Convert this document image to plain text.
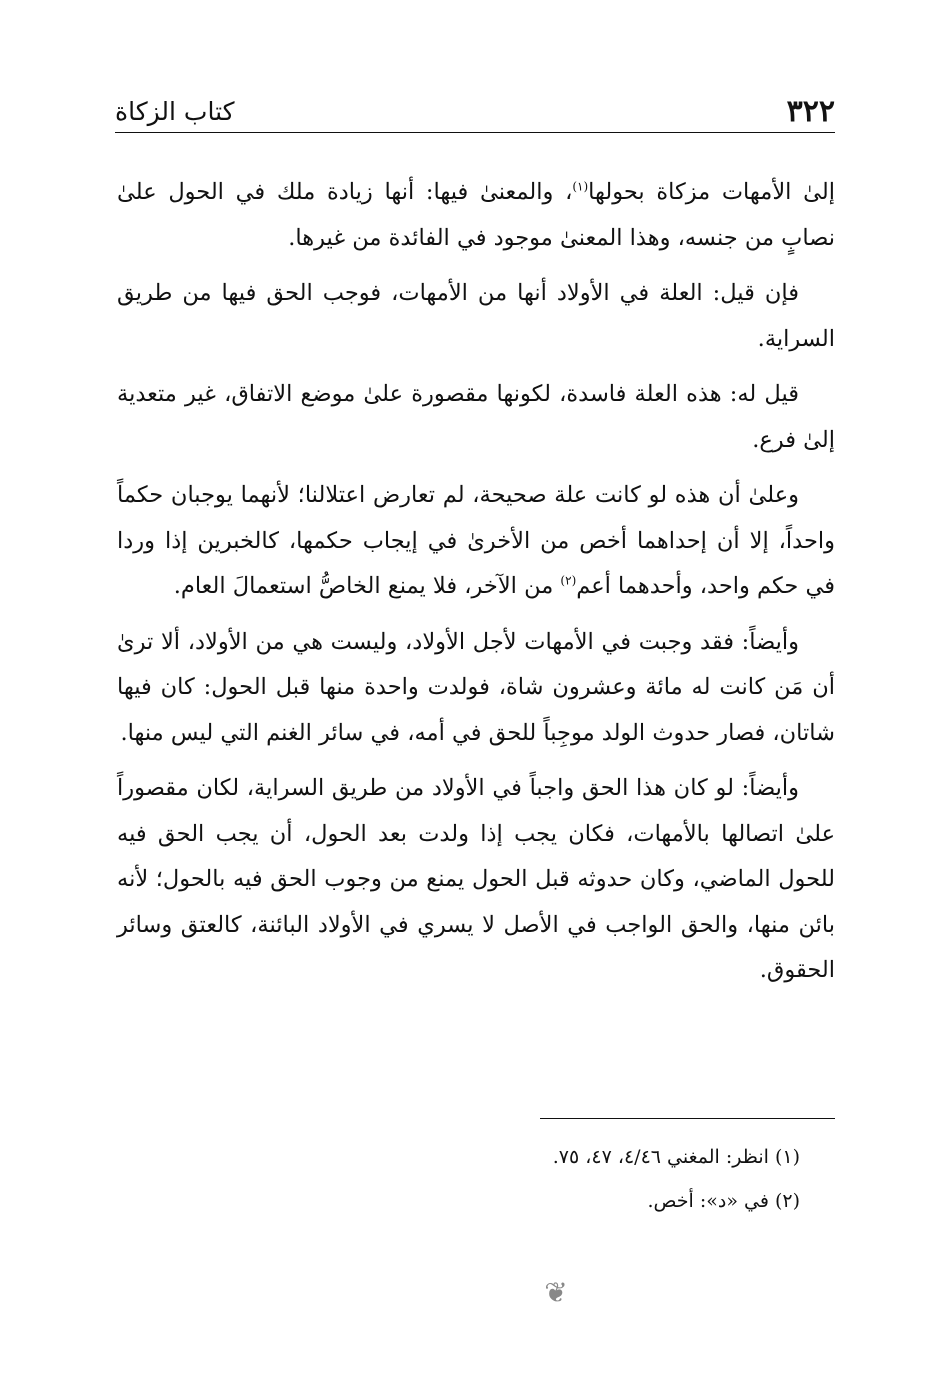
كتاب الزكاة	٣٢٢

إلىٰ الأمهات مزكاة بحولها$^{(١)}$، والمعنىٰ فيها: أنها زيادة ملك في الحول علىٰ نصابٍ من جنسه، وهذا المعنىٰ موجود في الفائدة من غيرها.

فإن قيل: العلة في الأولاد أنها من الأمهات، فوجب الحق فيها من طريق السراية.

قيل له: هذه العلة فاسدة، لكونها مقصورة علىٰ موضع الاتفاق، غير متعدية إلىٰ فرع.

وعلىٰ أن هذه لو كانت علة صحيحة، لم تعارض اعتلالنا؛ لأنهما يوجبان حكماً واحداً، إلا أن إحداهما أخص من الأخرىٰ في إيجاب حكمها، كالخبرين إذا وردا في حكم واحد، وأحدهما أعم$^{(٢)}$ من الآخر، فلا يمنع الخاصُّ استعمالَ العام.

وأيضاً: فقد وجبت في الأمهات لأجل الأولاد، وليست هي من الأولاد، ألا ترىٰ أن مَن كانت له مائة وعشرون شاة، فولدت واحدة منها قبل الحول: كان فيها شاتان، فصار حدوث الولد موجِباً للحق في أمه، في سائر الغنم التي ليس منها.

وأيضاً: لو كان هذا الحق واجباً في الأولاد من طريق السراية، لكان مقصوراً علىٰ اتصالها بالأمهات، فكان يجب إذا ولدت بعد الحول، أن يجب الحق فيه للحول الماضي، وكان حدوثه قبل الحول يمنع من وجوب الحق فيه بالحول؛ لأنه بائن منها، والحق الواجب في الأصل لا يسري في الأولاد البائنة، كالعتق وسائر الحقوق.

(١) انظر: المغني ٤/٤٦، ٤٧، ٧٥.
(٢) في «د»: أخص.
❦
